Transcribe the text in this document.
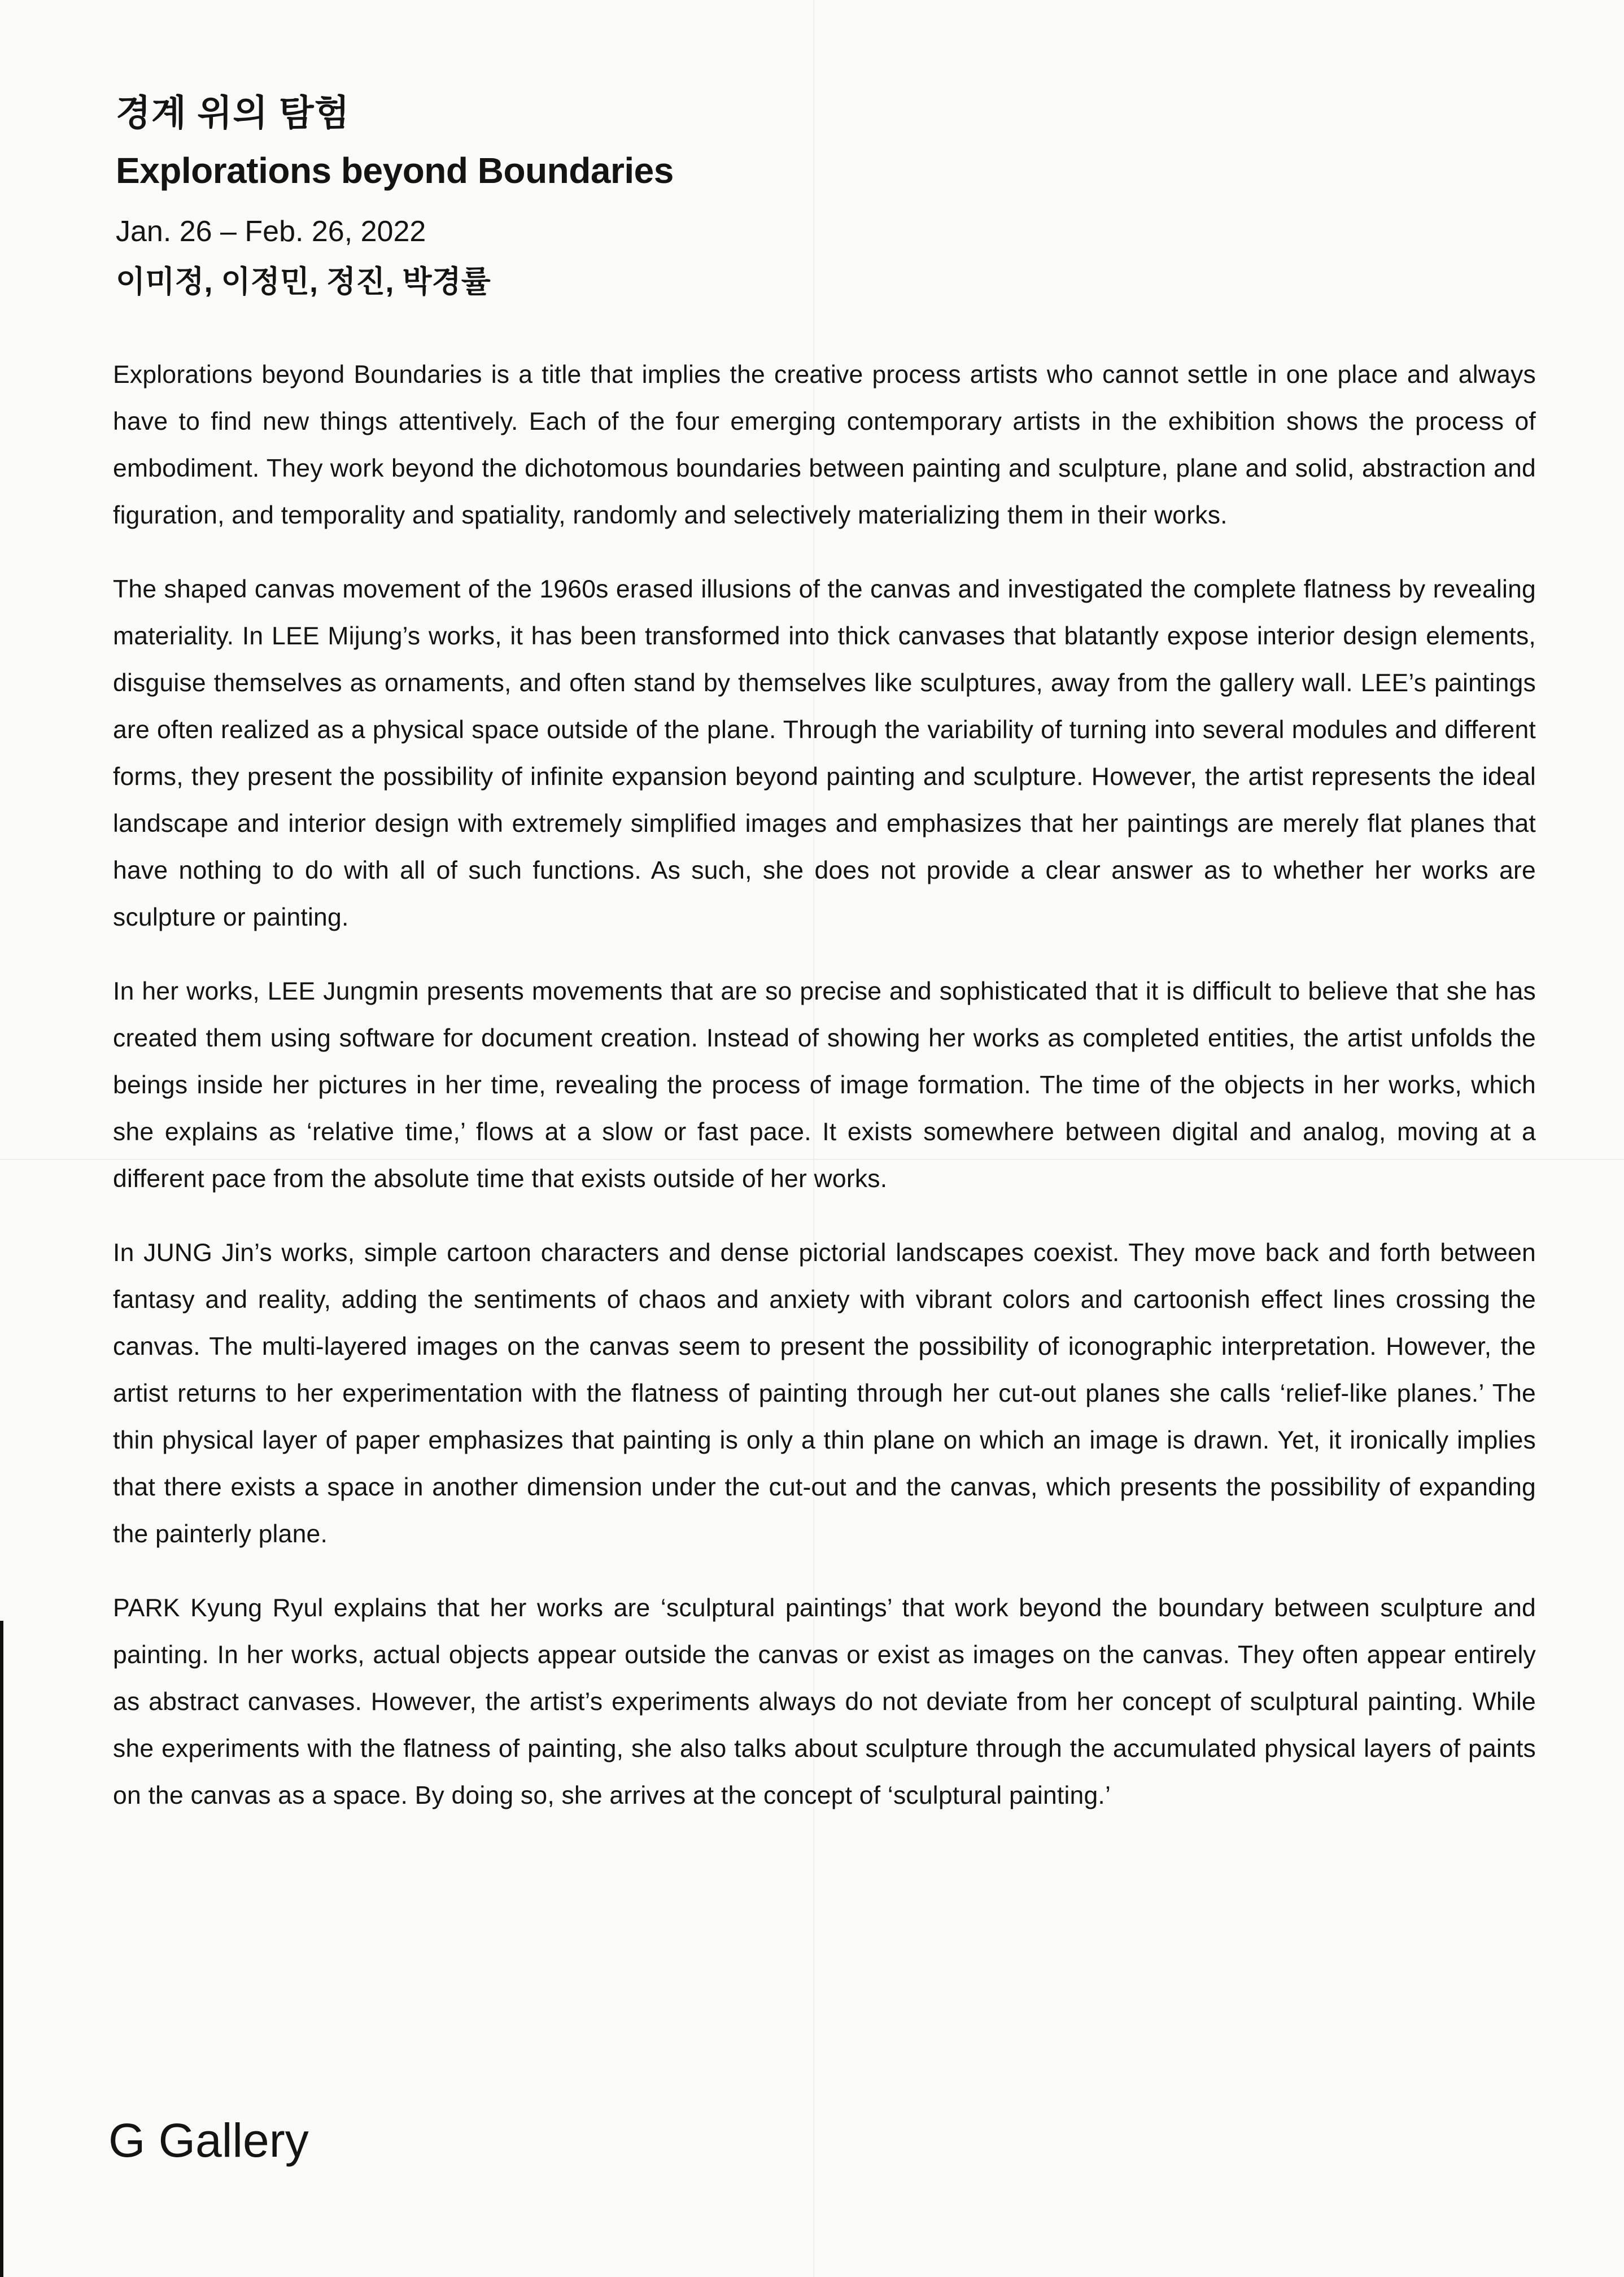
경계 위의 탐험
Explorations beyond Boundaries
Jan. 26 – Feb. 26, 2022
이미정, 이정민, 정진, 박경률

Explorations beyond Boundaries is a title that implies the creative process artists who cannot settle in one place and always have to find new things attentively. Each of the four emerging contemporary artists in the exhibition shows the process of embodiment. They work beyond the dichotomous boundaries between painting and sculpture, plane and solid, abstraction and figuration, and temporality and spatiality, randomly and selectively materializing them in their works.

The shaped canvas movement of the 1960s erased illusions of the canvas and investigated the complete flatness by revealing materiality. In LEE Mijung’s works, it has been transformed into thick canvases that blatantly expose interior design elements, disguise themselves as ornaments, and often stand by themselves like sculptures, away from the gallery wall. LEE’s paintings are often realized as a physical space outside of the plane. Through the variability of turning into several modules and different forms, they present the possibility of infinite expansion beyond painting and sculpture. However, the artist represents the ideal landscape and interior design with extremely simplified images and emphasizes that her paintings are merely flat planes that have nothing to do with all of such functions. As such, she does not provide a clear answer as to whether her works are sculpture or painting.

In her works, LEE Jungmin presents movements that are so precise and sophisticated that it is difficult to believe that she has created them using software for document creation. Instead of showing her works as completed entities, the artist unfolds the beings inside her pictures in her time, revealing the process of image formation. The time of the objects in her works, which she explains as ‘relative time,’ flows at a slow or fast pace. It exists somewhere between digital and analog, moving at a different pace from the absolute time that exists outside of her works.

In JUNG Jin’s works, simple cartoon characters and dense pictorial landscapes coexist. They move back and forth between fantasy and reality, adding the sentiments of chaos and anxiety with vibrant colors and cartoonish effect lines crossing the canvas. The multi-layered images on the canvas seem to present the possibility of iconographic interpretation. However, the artist returns to her experimentation with the flatness of painting through her cut-out planes she calls ‘relief-like planes.’ The thin physical layer of paper emphasizes that painting is only a thin plane on which an image is drawn. Yet, it ironically implies that there exists a space in another dimension under the cut-out and the canvas, which presents the possibility of expanding the painterly plane.

PARK Kyung Ryul explains that her works are ‘sculptural paintings’ that work beyond the boundary between sculpture and painting. In her works, actual objects appear outside the canvas or exist as images on the canvas. They often appear entirely as abstract canvases. However, the artist’s experiments always do not deviate from her concept of sculptural painting. While she experiments with the flatness of painting, she also talks about sculpture through the accumulated physical layers of paints on the canvas as a space. By doing so, she arrives at the concept of ‘sculptural painting.’

G Gallery
